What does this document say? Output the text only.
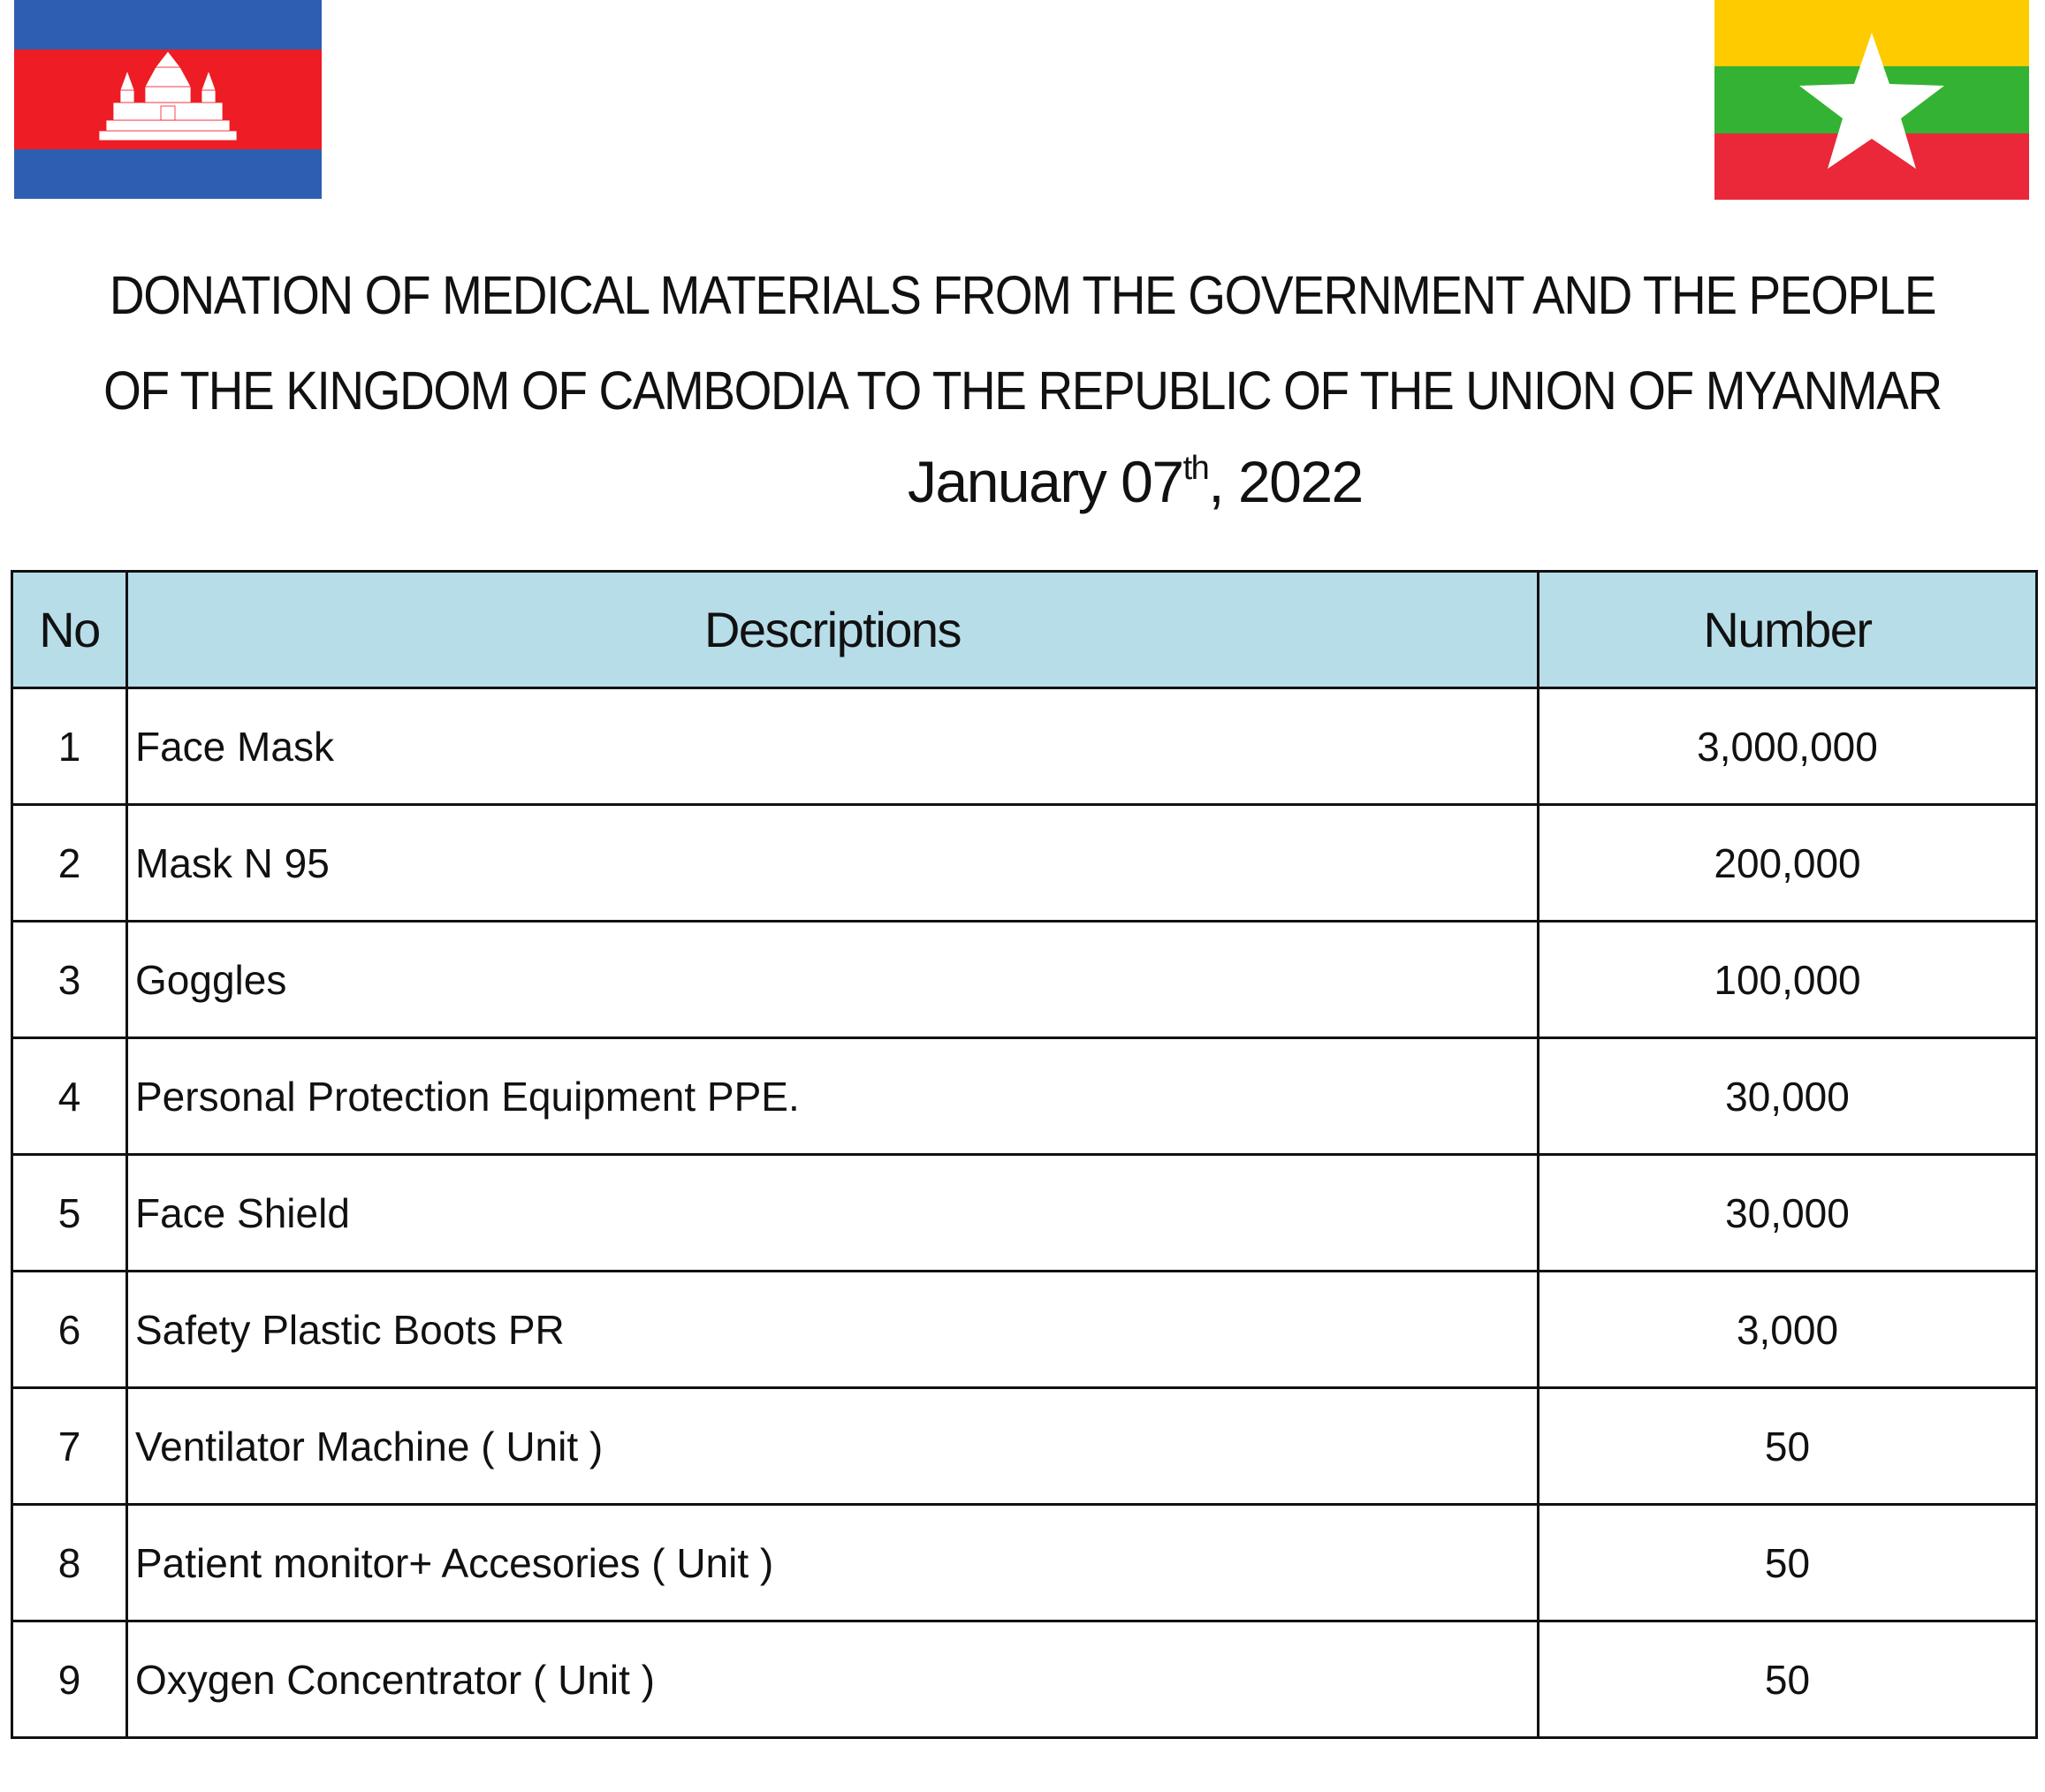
DONATION OF MEDICAL MATERIALS FROM THE GOVERNMENT AND THE PEOPLE
OF THE KINGDOM OF CAMBODIA TO THE REPUBLIC OF THE UNION OF MYANMAR
January 07th, 2022
No	Descriptions	Number
1	Face Mask	3,000,000
2	Mask N 95	200,000
3	Goggles	100,000
4	Personal Protection Equipment PPE.	30,000
5	Face Shield	30,000
6	Safety Plastic Boots PR	3,000
7	Ventilator Machine ( Unit )	50
8	Patient monitor+ Accesories ( Unit )	50
9	Oxygen Concentrator ( Unit )	50
